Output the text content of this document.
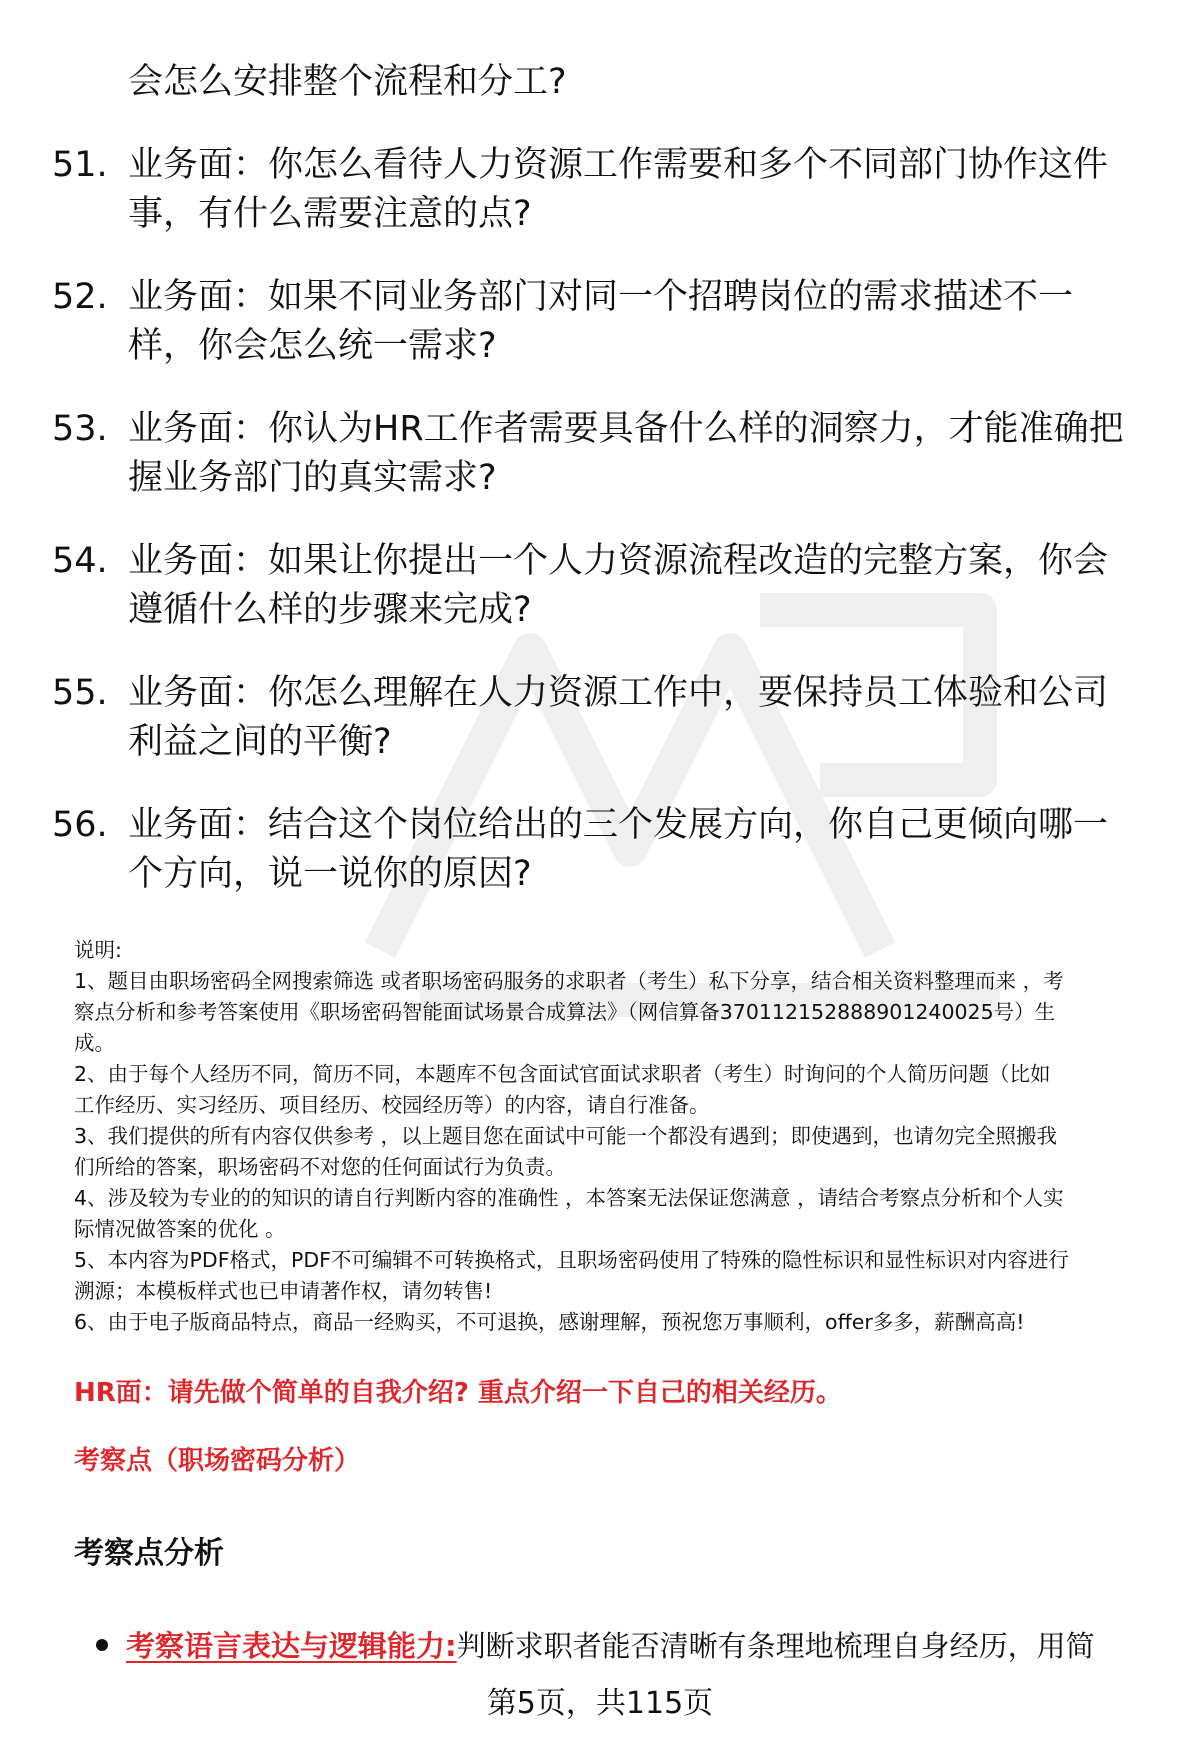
会怎么安排整个流程和分工?
51. 业务面：你怎么看待人力资源工作需要和多个不同部门协作这件
事，有什么需要注意的点?
52. 业务面：如果不同业务部门对同一个招聘岗位的需求描述不一
样，你会怎么统一需求?
53. 业务面：你认为HR工作者需要具备什么样的洞察力，才能准确把
握业务部门的真实需求?
54. 业务面：如果让你提出一个人力资源流程改造的完整方案，你会
遵循什么样的步骤来完成?
55. 业务面：你怎么理解在人力资源工作中，要保持员工体验和公司
利益之间的平衡?
56. 业务面：结合这个岗位给出的三个发展方向，你自己更倾向哪一
个方向，说一说你的原因?

说明:

1、题目由职场密码全网搜索筛选 或者职场密码服务的求职者（考生）私下分享，结合相关资料整理而来 ，考

察点分析和参考答案使用《职场密码智能面试场景合成算法》（网信算备370112152888901240025号）生

成。

2、由于每个人经历不同，简历不同，本题库不包含面试官面试求职者（考生）时询问的个人简历问题（比如

工作经历、实习经历、项目经历、校园经历等）的内容，请自行准备。

3、我们提供的所有内容仅供参考 ，以上题目您在面试中可能一个都没有遇到；即使遇到，也请勿完全照搬我

们所给的答案，职场密码不对您的任何面试行为负责。

4、涉及较为专业的的知识的请自行判断内容的准确性 ，本答案无法保证您满意 ，请结合考察点分析和个人实

际情况做答案的优化 。

5、本内容为PDF格式，PDF不可编辑不可转换格式，且职场密码使用了特殊的隐性标识和显性标识对内容进行

溯源；本模板样式也已申请著作权，请勿转售!

6、由于电子版商品特点，商品一经购买，不可退换，感谢理解，预祝您万事顺利，offer多多，薪酬高高!

HR面：请先做个简单的自我介绍? 重点介绍一下自己的相关经历。
考察点（职场密码分析）
考察点分析
考察语言表达与逻辑能力:判断求职者能否清晰有条理地梳理自身经历，用简
第5页，共115页
